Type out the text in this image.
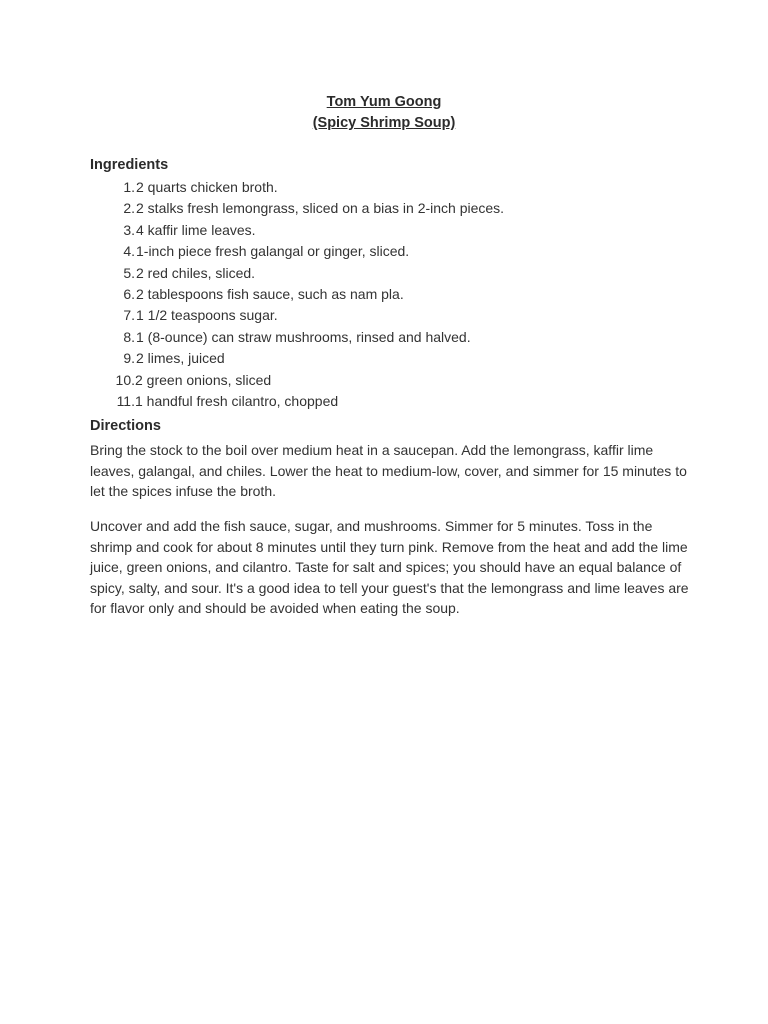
Tom Yum Goong

(Spicy Shrimp Soup)

Ingredients
1. 2 quarts chicken broth.
2. 2 stalks fresh lemongrass, sliced on a bias in 2-inch pieces.
3. 4 kaffir lime leaves.
4. 1-inch piece fresh galangal or ginger, sliced.
5. 2 red chiles, sliced.
6. 2 tablespoons fish sauce, such as nam pla.
7. 1 1/2 teaspoons sugar.
8. 1 (8-ounce) can straw mushrooms, rinsed and halved.
9. 2 limes, juiced
10. 2 green onions, sliced
11. 1 handful fresh cilantro, chopped
Directions

Bring the stock to the boil over medium heat in a saucepan. Add the lemongrass, kaffir lime leaves, galangal, and chiles. Lower the heat to medium-low, cover, and simmer for 15 minutes to let the spices infuse the broth.

Uncover and add the fish sauce, sugar, and mushrooms. Simmer for 5 minutes. Toss in the shrimp and cook for about 8 minutes until they turn pink. Remove from the heat and add the lime juice, green onions, and cilantro. Taste for salt and spices; you should have an equal balance of spicy, salty, and sour. It's a good idea to tell your guest's that the lemongrass and lime leaves are for flavor only and should be avoided when eating the soup.
